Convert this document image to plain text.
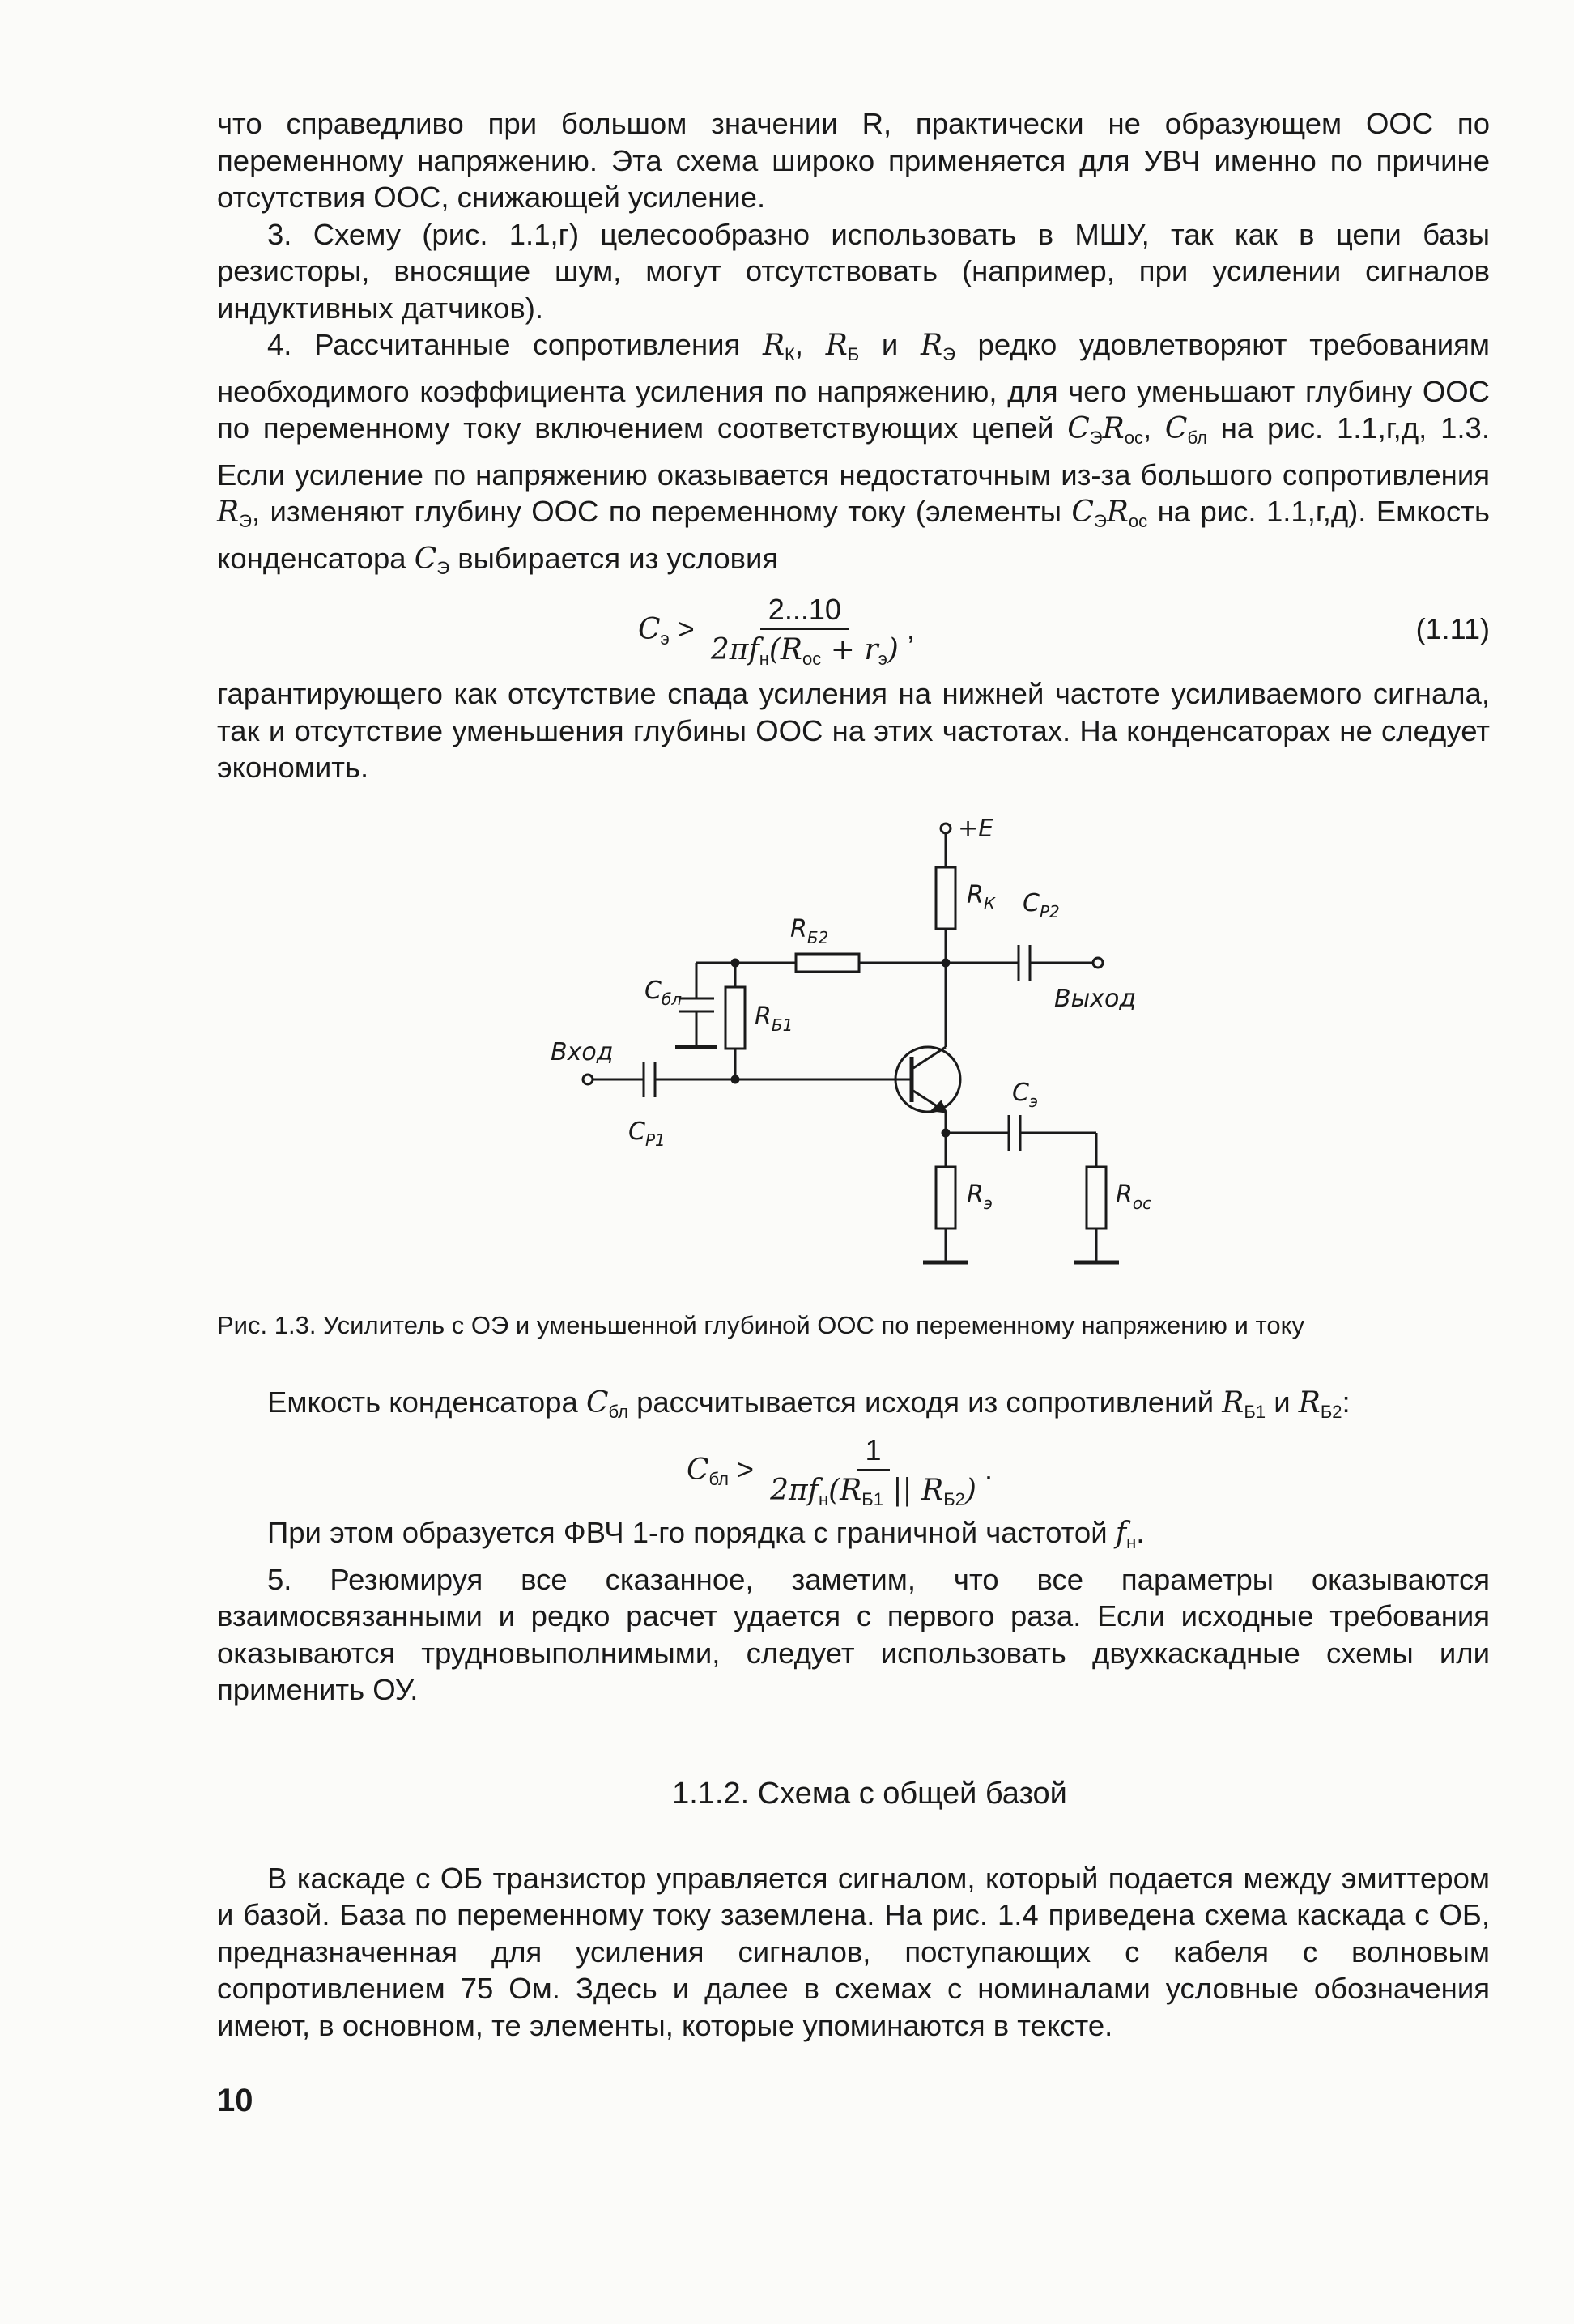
что справедливо при большом значении R, практически не образующем ООС по переменному напряжению. Эта схема широко применяется для УВЧ именно по причине отсутствия ООС, снижающей усиление.

3. Схему (рис. 1.1,г) целесообразно использовать в МШУ, так как в цепи базы резисторы, вносящие шум, могут отсутствовать (например, при усилении сигналов индуктивных датчиков).

4. Рассчитанные сопротивления $R_К$, $R_Б$ и $R_Э$ редко удовлетворяют требованиям необходимого коэффициента усиления по напряжению, для чего уменьшают глубину ООС по переменному току включением соответствующих цепей $C_ЭR_{ос}$, $C_{бл}$ на рис. 1.1,г,д, 1.3. Если усиление по напряжению оказывается недостаточным из-за большого сопротивления $R_Э$, изменяют глубину ООС по переменному току (элементы $C_ЭR_{ос}$ на рис. 1.1,г,д). Емкость конденсатора $C_Э$ выбирается из условия

$C_э > \frac{2...10}{2\pi f_н(R_{ос} + r_э)}$ ,	(1.11)

гарантирующего как отсутствие спада усиления на нижней частоте усиливаемого сигнала, так и отсутствие уменьшения глубины ООС на этих частотах. На конденсаторах не следует экономить.

+E
$R_К$ $C_{P2}$
$R_{Б2}$
$C_{бл}$
$R_{Б1}$
Выход
Вход
$C_{P1}$
$C_э$
$R_э$	$R_{ос}$

Рис. 1.3. Усилитель с ОЭ и уменьшенной глубиной ООС по переменному напряжению и току

Емкость конденсатора $C_{бл}$ рассчитывается исходя из сопротивлений $R_{Б1}$ и $R_{Б2}$:

$C_{бл} > \frac{1}{2\pi f_н(R_{Б1} || R_{Б2})}$ .

При этом образуется ФВЧ 1-го порядка с граничной частотой $f_н$.

5. Резюмируя все сказанное, заметим, что все параметры оказываются взаимосвязанными и редко расчет удается с первого раза. Если исходные требования оказываются трудновыполнимыми, следует использовать двухкаскадные схемы или применить ОУ.

1.1.2. Схема с общей базой

В каскаде с ОБ транзистор управляется сигналом, который подается между эмиттером и базой. База по переменному току заземлена. На рис. 1.4 приведена схема каскада с ОБ, предназначенная для усиления сигналов, поступающих с кабеля с волновым сопротивлением 75 Ом. Здесь и далее в схемах с номиналами условные обозначения имеют, в основном, те элементы, которые упоминаются в тексте.

10
